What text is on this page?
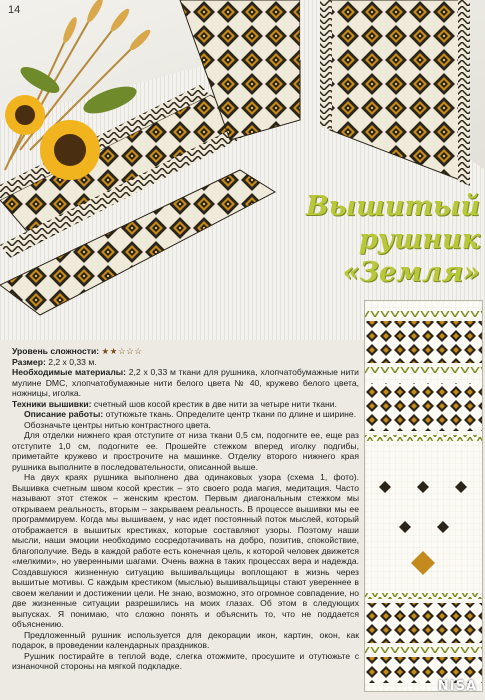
14
Вышитый
рушник
«Земля»

Уровень сложности: ★★☆☆☆

Размер: 2,2 x 0,33 м.

Необходимые материалы: 2,2 x 0,33 м ткани для рушника, хлопчатобумажные нити мулине DMC, хлопчатобумажные нити белого цвета № 40, кружево белого цвета, ножницы, иголка.

Техники вышивки: счетный шов косой крестик в две нити за четыре нити ткани.

Описание работы: отутюжьте ткань. Определите центр ткани по длине и ширине.

Обозначьте центры нитью контрастного цвета.

Для отделки нижнего края отступите от низа ткани 0,5 см, подогните ее, еще раз отступите 1,0 см, подогните ее. Прошейте стежком вперед иголку подгибы, приметайте кружево и прострочите на машинке. Отделку второго нижнего края рушника выполните в последовательности, описанной выше.

На двух краях рушника выполнено два одинаковых узора (схема 1, фото). Вышивка счетным швом косой крестик – это своего рода магия, медитация. Часто называют этот стежок – женским крестом. Первым диагональным стежком мы открываем реальность, вторым – закрываем реальность. В процессе вышивки мы ее программируем. Когда мы вышиваем, у нас идет постоянный поток мыслей, который отображается в вышитых крестиках, которые составляют узоры. Поэтому наши мысли, наши эмоции необходимо сосредотачивать на добро, позитив, спокойствие, благополучие. Ведь в каждой работе есть конечная цель, к которой человек движется «мелкими», но уверенными шагами. Очень важна в таких процессах вера и надежда. Создавшуюся жизненную ситуацию вышивальщицы воплощают в жизнь через вышитые мотивы. С каждым крестиком (мыслью) вышивальщицы стают увереннее в своем желании и достижении цели. Не знаю, возможно, это огромное совпадение, но две жизненные ситуации разрешились на моих глазах. Об этом в следующих выпусках. Я понимаю, что сложно понять и объяснить то, что не поддается объяснению.

Предложенный рушник используется для декорации икон, картин, окон, как подарок, в проведении календарных праздников.

Рушник постирайте в теплой воде, слегка отожмите, просушите и отутюжьте с изнаночной стороны на мягкой подкладке.

NISA
